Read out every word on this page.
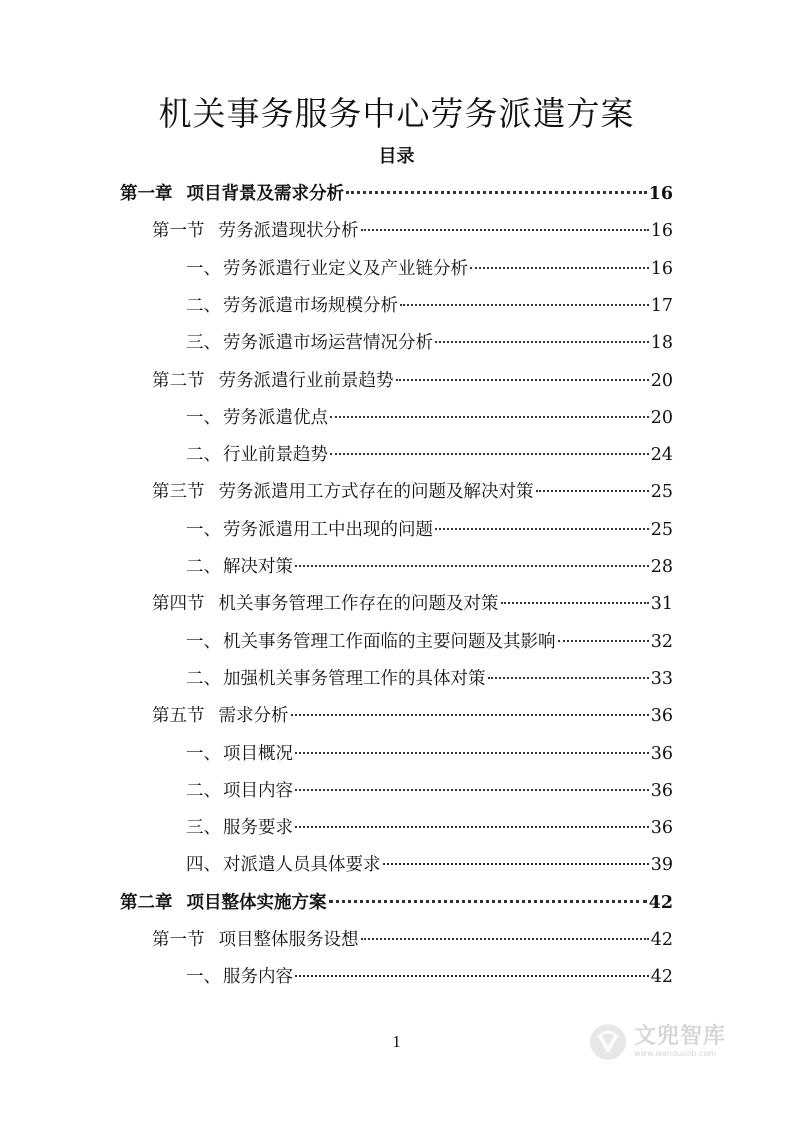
机关事务服务中心劳务派遣方案
目录
第一章 项目背景及需求分析	16
第一节 劳务派遣现状分析	16
一、 劳务派遣行业定义及产业链分析	16
二、 劳务派遣市场规模分析	17
三、 劳务派遣市场运营情况分析	18
第二节 劳务派遣行业前景趋势	20
一、 劳务派遣优点	20
二、 行业前景趋势	24
第三节 劳务派遣用工方式存在的问题及解决对策	25
一、 劳务派遣用工中出现的问题	25
二、 解决对策	28
第四节 机关事务管理工作存在的问题及对策	31
一、 机关事务管理工作面临的主要问题及其影响	32
二、 加强机关事务管理工作的具体对策	33
第五节 需求分析	36
一、 项目概况	36
二、 项目内容	36
三、 服务要求	36
四、 对派遣人员具体要求	39
第二章 项目整体实施方案	42
第一节 项目整体服务设想	42
一、 服务内容	42
1	文兜智库
www.wenduolib.com
